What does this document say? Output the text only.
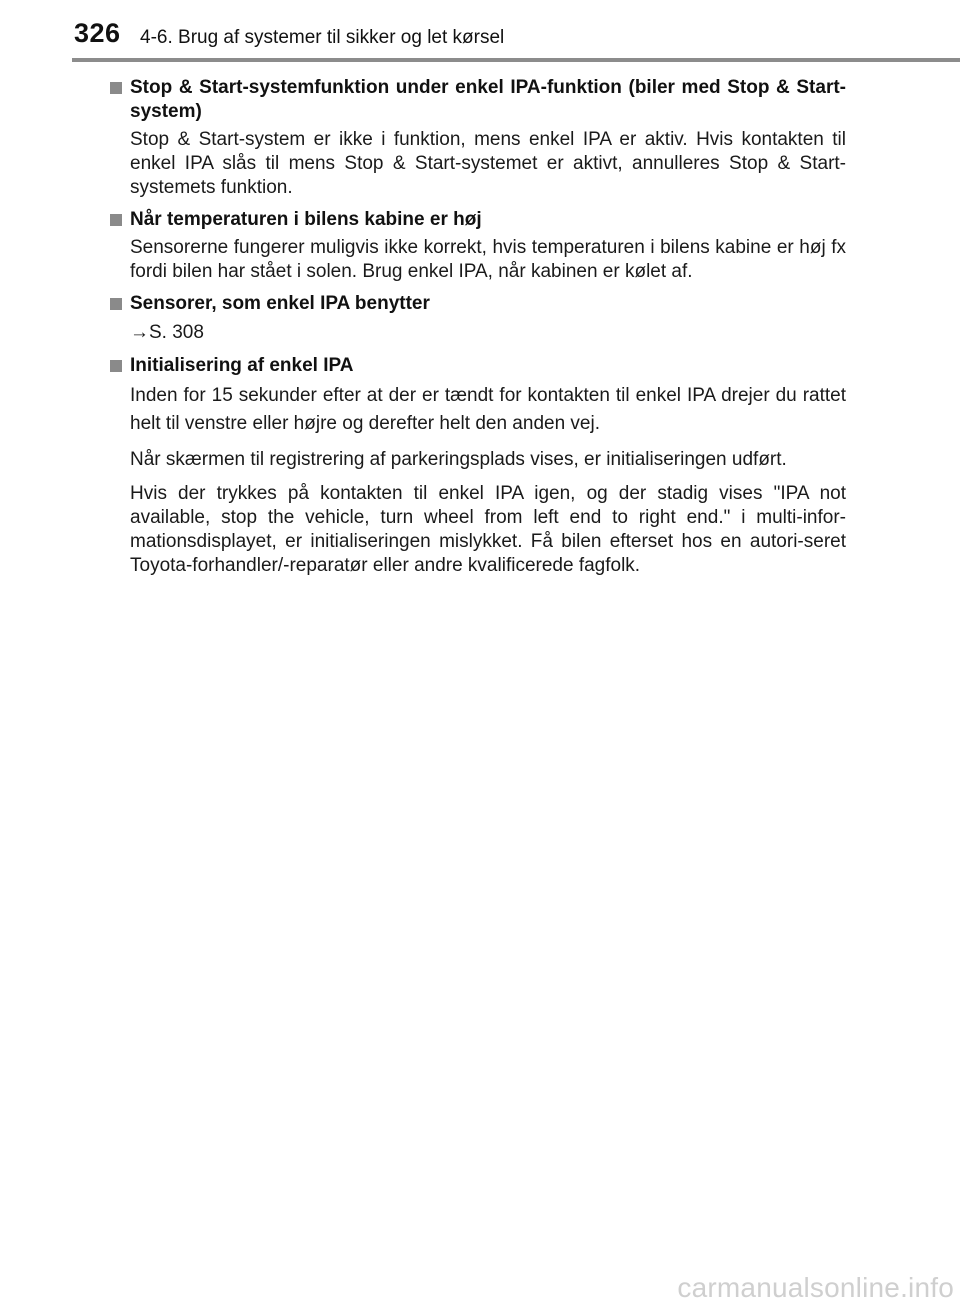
326 4-6. Brug af systemer til sikker og let kørsel
Stop & Start-systemfunktion under enkel IPA-funktion (biler med Stop & Start-system)

Stop & Start-system er ikke i funktion, mens enkel IPA er aktiv. Hvis kontakten til enkel IPA slås til mens Stop & Start-systemet er aktivt, annulleres Stop & Start-systemets funktion.

Når temperaturen i bilens kabine er høj

Sensorerne fungerer muligvis ikke korrekt, hvis temperaturen i bilens kabine er høj fx fordi bilen har stået i solen. Brug enkel IPA, når kabinen er kølet af.

Sensorer, som enkel IPA benytter

→S. 308

Initialisering af enkel IPA

Inden for 15 sekunder efter at der er tændt for kontakten til enkel IPA drejer du rattet helt til venstre eller højre og derefter helt den anden vej.

Når skærmen til registrering af parkeringsplads vises, er initialiseringen udført.

Hvis der trykkes på kontakten til enkel IPA igen, og der stadig vises "IPA not available, stop the vehicle, turn wheel from left end to right end." i multi-infor-mationsdisplayet, er initialiseringen mislykket. Få bilen efterset hos en autori-seret Toyota-forhandler/-reparatør eller andre kvalificerede fagfolk.

carmanualsonline.info
